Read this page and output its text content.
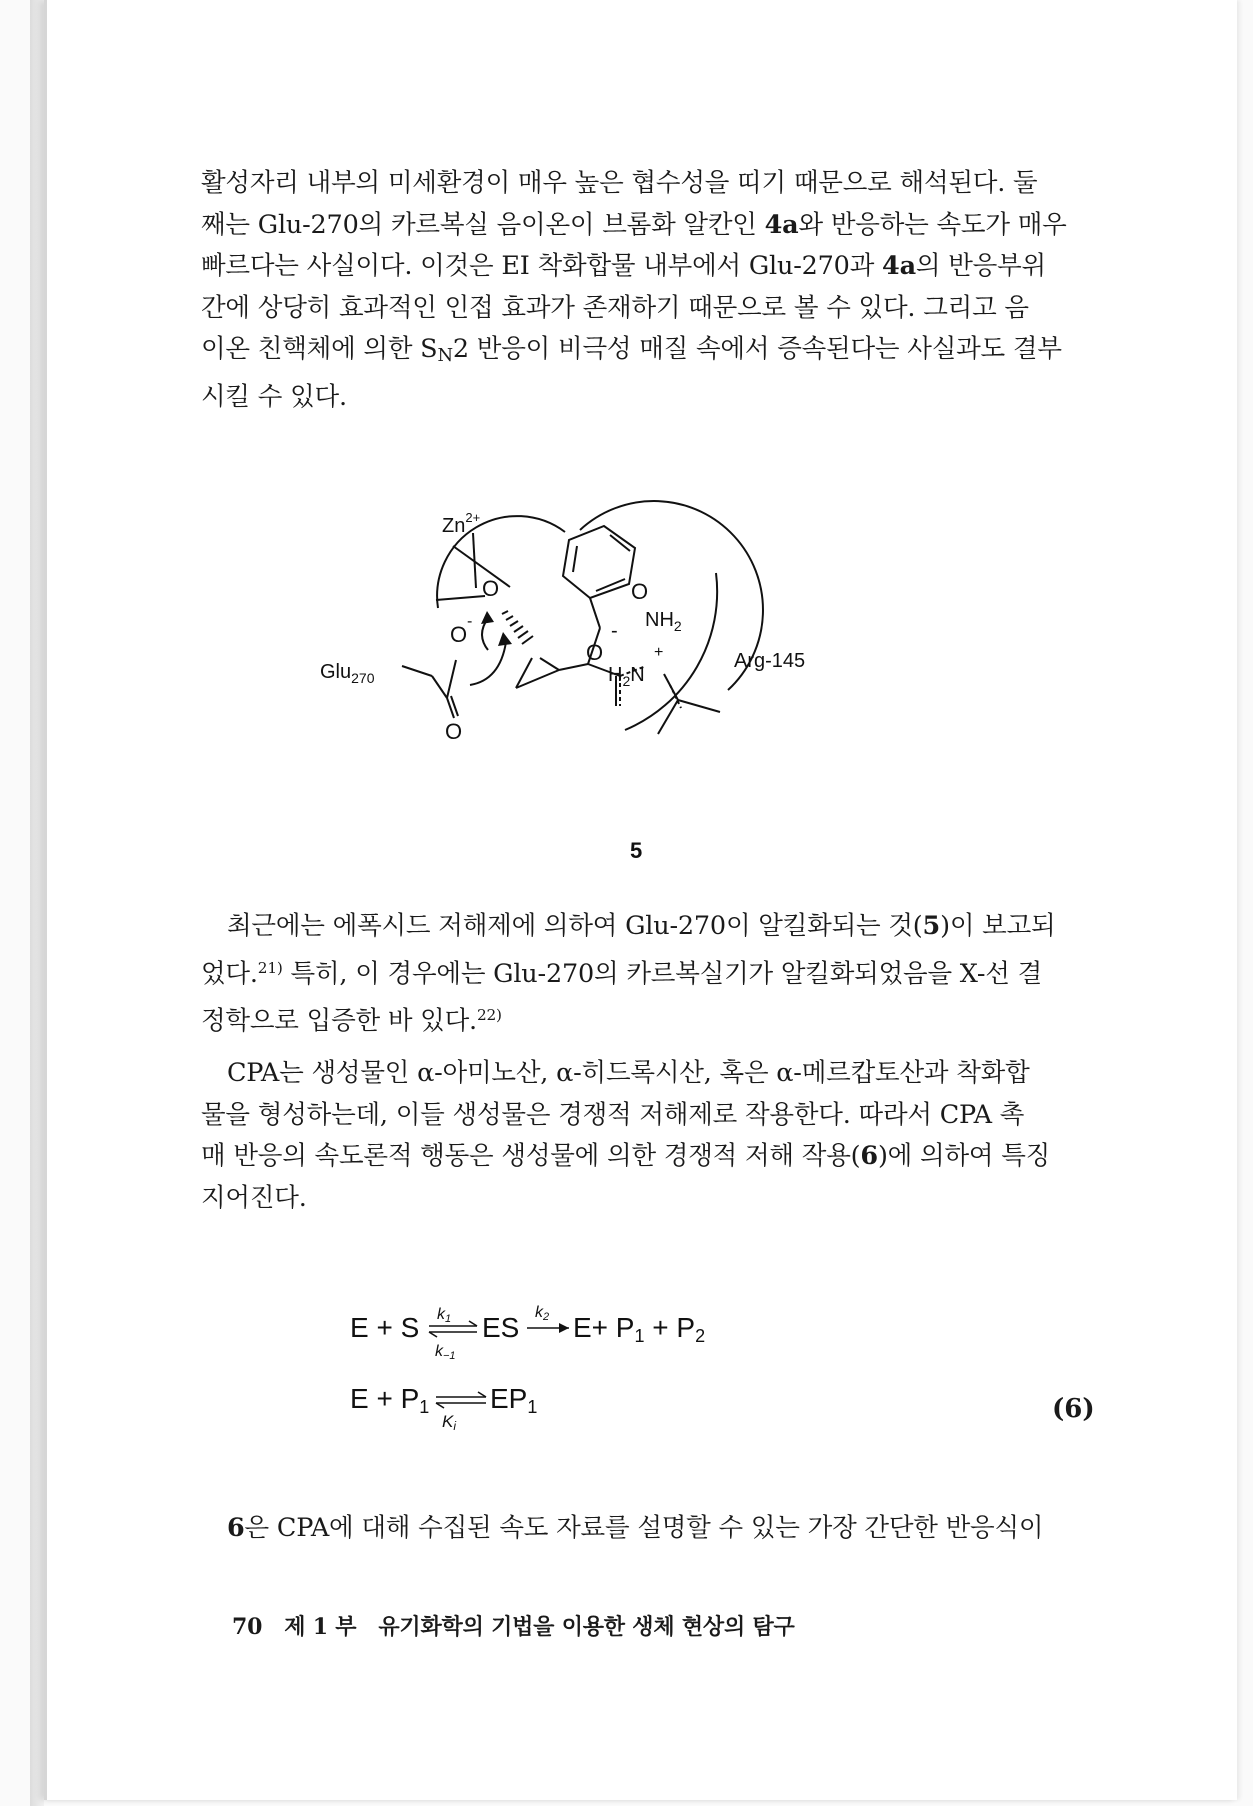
활성자리 내부의 미세환경이 매우 높은 협수성을 띠기 때문으로 해석된다. 둘
째는 Glu-270의 카르복실 음이온이 브롬화 알칸인 4a와 반응하는 속도가 매우
빠르다는 사실이다. 이것은 EI 착화합물 내부에서 Glu-270과 4a의 반응부위
간에 상당히 효과적인 인접 효과가 존재하기 때문으로 볼 수 있다. 그리고 음
이온 친핵체에 의한 $S_N2$ 반응이 비극성 매질 속에서 증속된다는 사실과도 결부
시킬 수 있다.
$Zn^{2+}$
O	O
-
O
$NH_2$
+
$H_2N$
Arg-145
Glu$_{270}$
O
-
O
5
최근에는 에폭시드 저해제에 의하여 Glu-270이 알킬화되는 것(5)이 보고되
었다.$^{21)}$ 특히, 이 경우에는 Glu-270의 카르복실기가 알킬화되었음을 X-선 결
정학으로 입증한 바 있다.$^{22)}$
CPA는 생성물인 α-아미노산, α-히드록시산, 혹은 α-메르캅토산과 착화합
물을 형성하는데, 이들 생성물은 경쟁적 저해제로 작용한다. 따라서 CPA 촉
매 반응의 속도론적 행동은 생성물에 의한 경쟁적 저해 작용(6)에 의하여 특징
지어진다.
E + S k1
k−1
ES k2 E+ P1 + P2
E + P1
Ki
EP1	(6)
6은 CPA에 대해 수집된 속도 자료를 설명할 수 있는 가장 간단한 반응식이
70 제 1 부 유기화학의 기법을 이용한 생체 현상의 탐구
